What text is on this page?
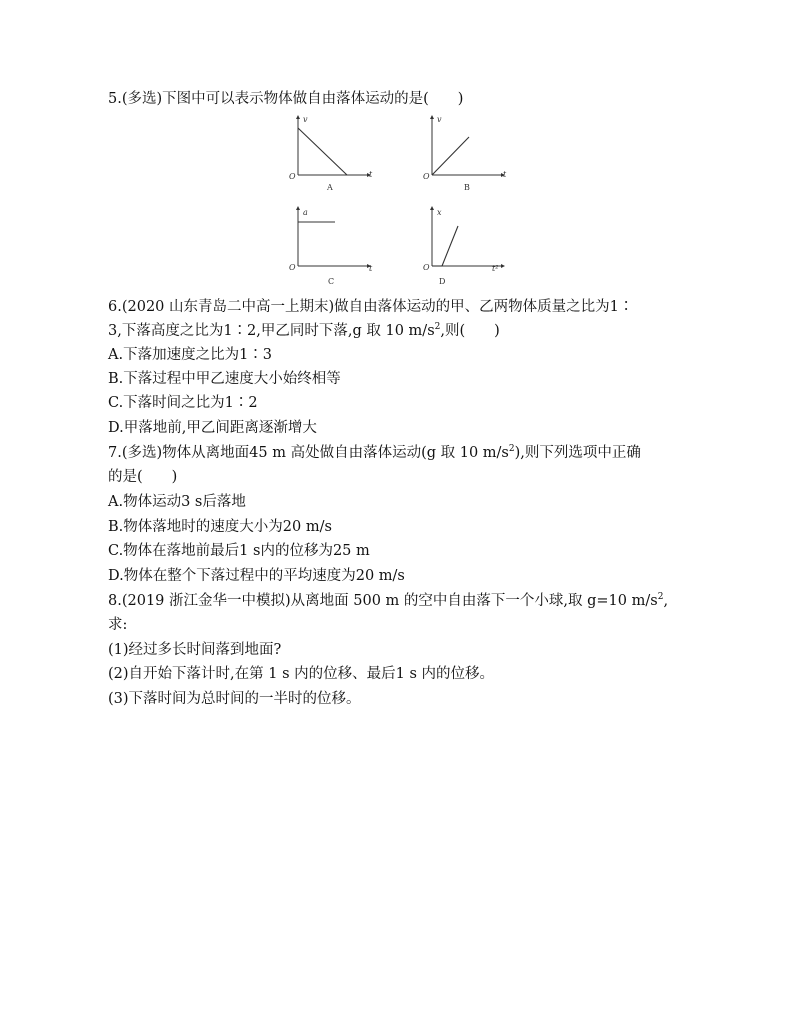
5.(多选)下图中可以表示物体做自由落体运动的是(　　)
v
t
O
A
v
t
O
B
a
t
O
C
x
t²
O
D
6.(2020 山东青岛二中高一上期末)做自由落体运动的甲、乙两物体质量之比为1∶
3,下落高度之比为1∶2,甲乙同时下落,g 取 10 $m/s^2$,则(　　)
A.下落加速度之比为1∶3
B.下落过程中甲乙速度大小始终相等
C.下落时间之比为1∶2
D.甲落地前,甲乙间距离逐渐增大
7.(多选)物体从离地面45 m 高处做自由落体运动(g 取 10 $m/s^2$),则下列选项中正确
的是(　　)
A.物体运动3 s后落地
B.物体落地时的速度大小为20 m/s
C.物体在落地前最后1 s内的位移为25 m
D.物体在整个下落过程中的平均速度为20 m/s
8.(2019 浙江金华一中模拟)从离地面 500 m 的空中自由落下一个小球,取 g=10 $m/s^2$,
求:
(1)经过多长时间落到地面?
(2)自开始下落计时,在第 1 s 内的位移、最后1 s 内的位移。
(3)下落时间为总时间的一半时的位移。
